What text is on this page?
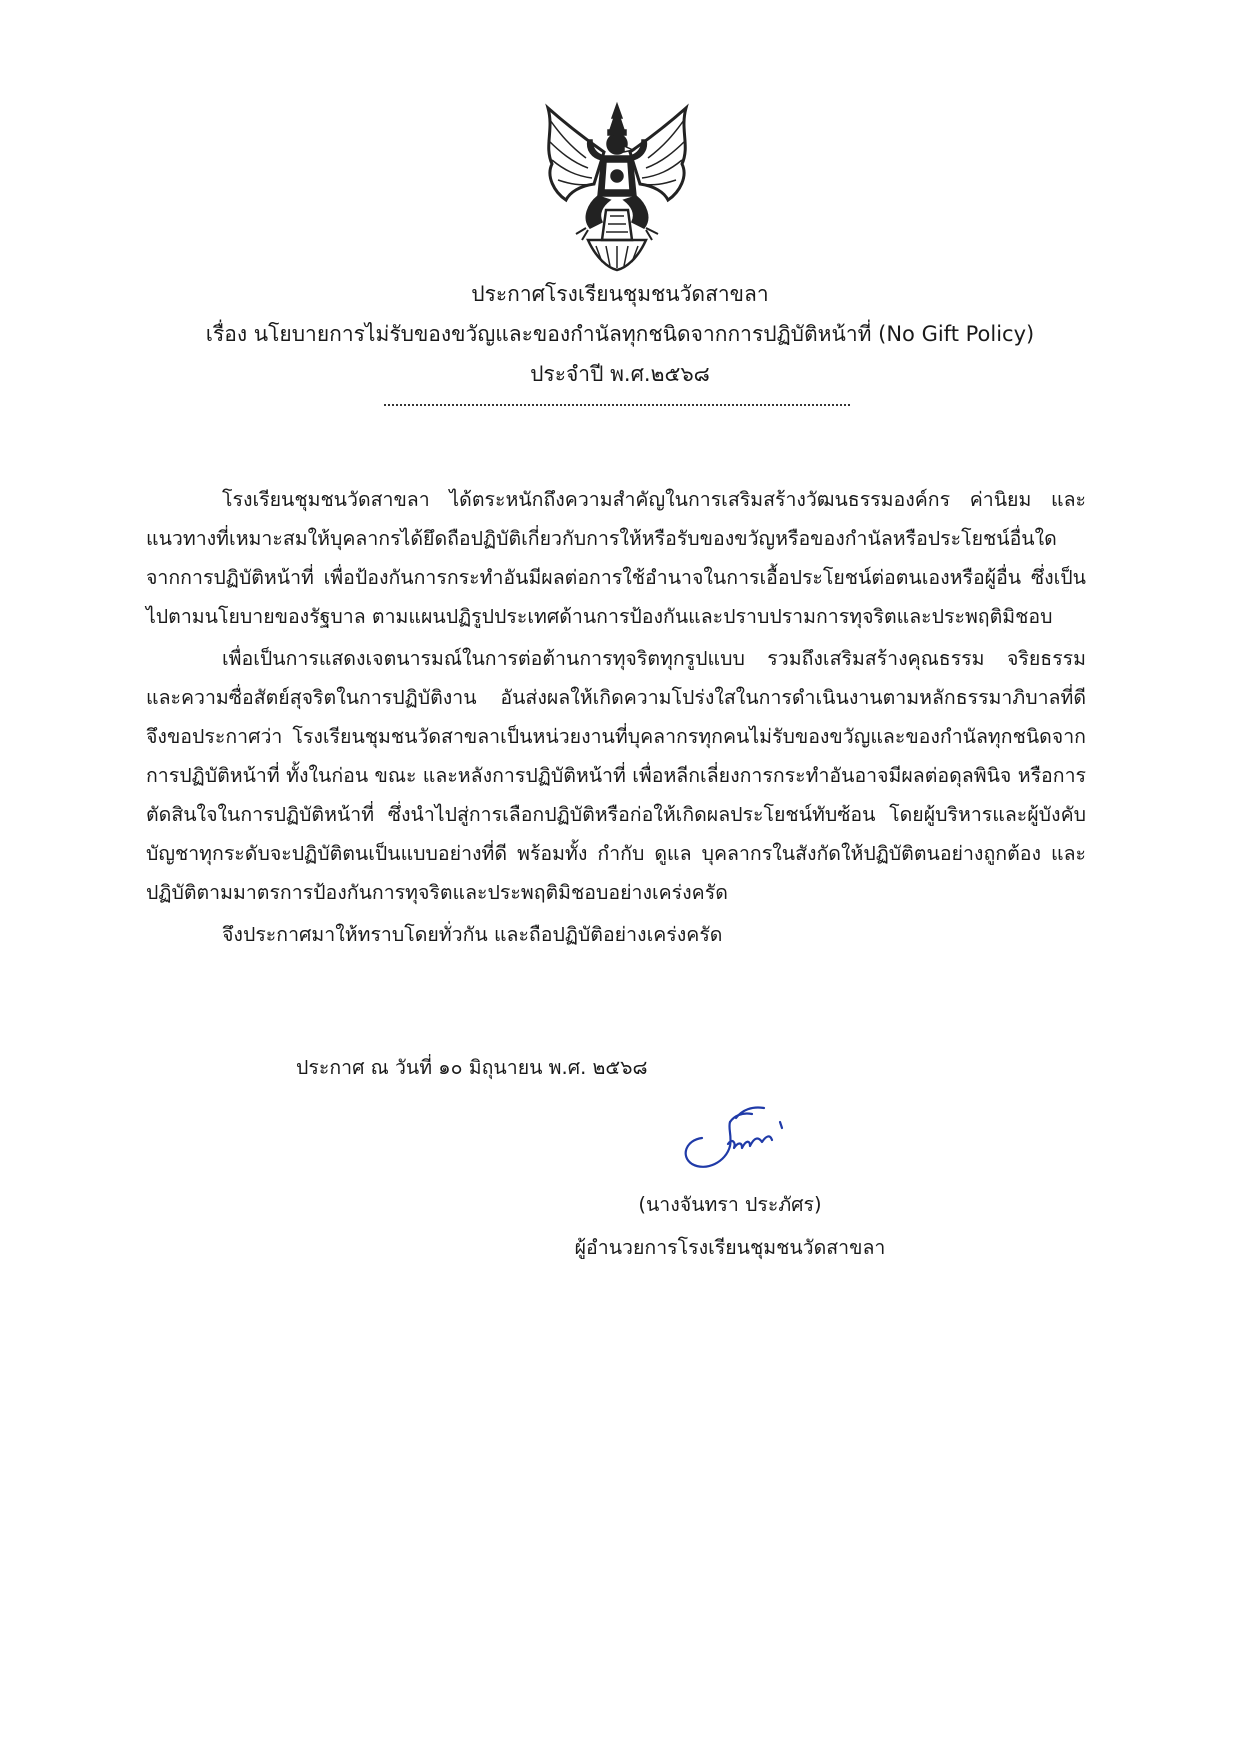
ประกาศโรงเรียนชุมชนวัดสาขลา
เรื่อง นโยบายการไม่รับของขวัญและของกำนัลทุกชนิดจากการปฏิบัติหน้าที่ (No Gift Policy)
ประจำปี พ.ศ.๒๕๖๘

โรงเรียนชุมชนวัดสาขลา ได้ตระหนักถึงความสำคัญในการเสริมสร้างวัฒนธรรมองค์กร ค่านิยม และแนวทางที่เหมาะสมให้บุคลากรได้ยึดถือปฏิบัติเกี่ยวกับการให้หรือรับของขวัญหรือของกำนัลหรือประโยชน์อื่นใดจากการปฏิบัติหน้าที่ เพื่อป้องกันการกระทำอันมีผลต่อการใช้อำนาจในการเอื้อประโยชน์ต่อตนเองหรือผู้อื่น ซึ่งเป็นไปตามนโยบายของรัฐบาล ตามแผนปฏิรูปประเทศด้านการป้องกันและปราบปรามการทุจริตและประพฤติมิชอบ

เพื่อเป็นการแสดงเจตนารมณ์ในการต่อต้านการทุจริตทุกรูปแบบ รวมถึงเสริมสร้างคุณธรรม จริยธรรม และความซื่อสัตย์สุจริตในการปฏิบัติงาน อันส่งผลให้เกิดความโปร่งใสในการดำเนินงานตามหลักธรรมาภิบาลที่ดีจึงขอประกาศว่า โรงเรียนชุมชนวัดสาขลาเป็นหน่วยงานที่บุคลากรทุกคนไม่รับของขวัญและของกำนัลทุกชนิดจากการปฏิบัติหน้าที่ ทั้งในก่อน ขณะ และหลังการปฏิบัติหน้าที่ เพื่อหลีกเลี่ยงการกระทำอันอาจมีผลต่อดุลพินิจ หรือการตัดสินใจในการปฏิบัติหน้าที่ ซึ่งนำไปสู่การเลือกปฏิบัติหรือก่อให้เกิดผลประโยชน์ทับซ้อน โดยผู้บริหารและผู้บังคับบัญชาทุกระดับจะปฏิบัติตนเป็นแบบอย่างที่ดี พร้อมทั้ง กำกับ ดูแล บุคลากรในสังกัดให้ปฏิบัติตนอย่างถูกต้อง และปฏิบัติตามมาตรการป้องกันการทุจริตและประพฤติมิชอบอย่างเคร่งครัด

จึงประกาศมาให้ทราบโดยทั่วกัน และถือปฏิบัติอย่างเคร่งครัด

ประกาศ ณ วันที่ ๑๐ มิถุนายน พ.ศ. ๒๕๖๘
(นางจันทรา ประภัศร)
ผู้อำนวยการโรงเรียนชุมชนวัดสาขลา
